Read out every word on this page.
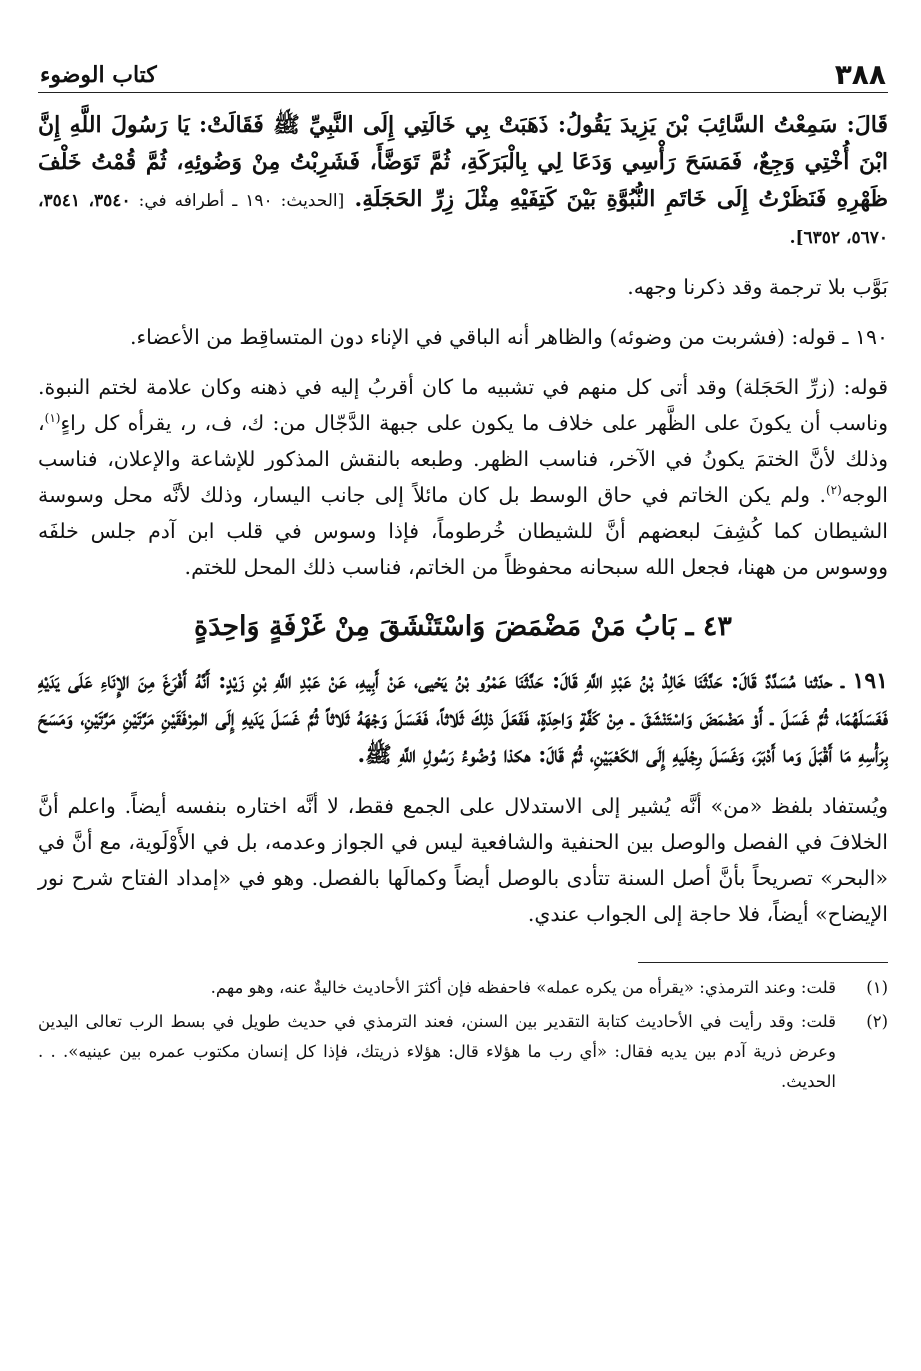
٣٨٨
كتاب الوضوء

قَالَ: سَمِعْتُ السَّائِبَ بْنَ يَزِيدَ يَقُولُ: ذَهَبَتْ بِي خَالَتِي إِلَى النَّبِيِّ ﷺ فَقَالَتْ: يَا رَسُولَ اللَّهِ إِنَّ ابْنَ أُخْتِي وَجِعٌ، فَمَسَحَ رَأْسِي وَدَعَا لِي بِالْبَرَكَةِ، ثُمَّ تَوَضَّأَ، فَشَرِبْتُ مِنْ وَضُوئِهِ، ثُمَّ قُمْتُ خَلْفَ ظَهْرِهِ فَنَظَرْتُ إِلَى خَاتَمِ النُّبُوَّةِ بَيْنَ كَتِفَيْهِ مِثْلَ زِرِّ الحَجَلَةِ. [الحديث: ١٩٠ ـ أطرافه في: ٣٥٤٠، ٣٥٤١، ٥٦٧٠، ٦٣٥٢].

بَوَّب بلا ترجمة وقد ذكرنا وجهه.

١٩٠ ـ قوله: (فشربت من وضوئه) والظاهر أنه الباقي في الإناء دون المتساقِط من الأعضاء.

قوله: (زرِّ الحَجَلة) وقد أتى كل منهم في تشبيه ما كان أقربُ إليه في ذهنه وكان علامة لختم النبوة. وناسب أن يكونَ على الظَّهر على خلاف ما يكون على جبهة الدَّجّال من: ك، ف، ر، يقرأه كل راءٍ$^{(١)}$، وذلك لأنَّ الختمَ يكونُ في الآخر، فناسب الظهر. وطبعه بالنقش المذكور للإشاعة والإعلان، فناسب الوجه$^{(٢)}$. ولم يكن الخاتم في حاق الوسط بل كان مائلاً إلى جانب اليسار، وذلك لأنَّه محل وسوسة الشيطان كما كُشِفَ لبعضهم أنَّ للشيطان خُرطوماً، فإذا وسوس في قلب ابن آدم جلس خلفَه ووسوس من ههنا، فجعل الله سبحانه محفوظاً من الخاتم، فناسب ذلك المحل للختم.

٤٣ ـ بَابُ مَنْ مَضْمَضَ وَاسْتَنْشَقَ مِنْ غَرْفَةٍ وَاحِدَةٍ

١٩١ ـ حدّثنا مُسَدَّدٌ قَالَ: حَدَّثَنَا خَالِدُ بْنُ عَبْدِ اللَّهِ قَالَ: حَدَّثَنَا عَمْرُو بْنُ يَحْيى، عَنْ أَبِيهِ، عَنْ عَبْدِ اللَّهِ بْنِ زَيْدٍ: أَنَّهُ أَفْرَغَ مِنَ الإِنَاءِ عَلَى يَدَيْهِ فَغَسَلَهُمَا، ثُمَّ غَسَلَ ـ أَوْ مَضْمَضَ وَاسْتَنْشَقَ ـ مِنْ كَفَّةٍ وَاحِدَةٍ، فَفَعَلَ ذلِكَ ثَلاثاً، فَغَسَلَ وَجْهَهُ ثَلاثاً ثُمَّ غَسَلَ يَدَيهِ إِلَى المِرْفَقَيْنِ مَرَّتَيْنِ مَرَّتَيْنِ، وَمَسَحَ بِرَأْسِهِ مَا أَقْبَلَ وَما أَدْبَرَ، وَغَسَلَ رِجْلَيهِ إِلَى الكَعْبَيْنِ، ثُمَّ قَالَ: هكذا وُضُوءُ رَسُولِ اللَّهِ ﷺ.

ويُستفاد بلفظ «من» أنَّه يُشير إلى الاستدلال على الجمع فقط، لا أنَّه اختاره بنفسه أيضاً. واعلم أنَّ الخلافَ في الفصل والوصل بين الحنفية والشافعية ليس في الجواز وعدمه، بل في الأَوْلَوية، مع أنَّ في «البحر» تصريحاً بأنَّ أصل السنة تتأدى بالوصل أيضاً وكمالَها بالفصل. وهو في «إمداد الفتاح شرح نور الإيضاح» أيضاً، فلا حاجة إلى الجواب عندي.

(١)
قلت: وعند الترمذي: «يقرأه من يكره عمله» فاحفظه فإن أكثرَ الأحاديث خاليةٌ عنه، وهو مهم.
(٢)
قلت: وقد رأيت في الأحاديث كتابة التقدير بين السنن، فعند الترمذي في حديث طويل في بسط الرب تعالى اليدين وعرض ذرية آدم بين يديه فقال: «أي رب ما هؤلاء قال: هؤلاء ذريتك، فإذا كل إنسان مكتوب عمره بين عينيه». . . الحديث.
